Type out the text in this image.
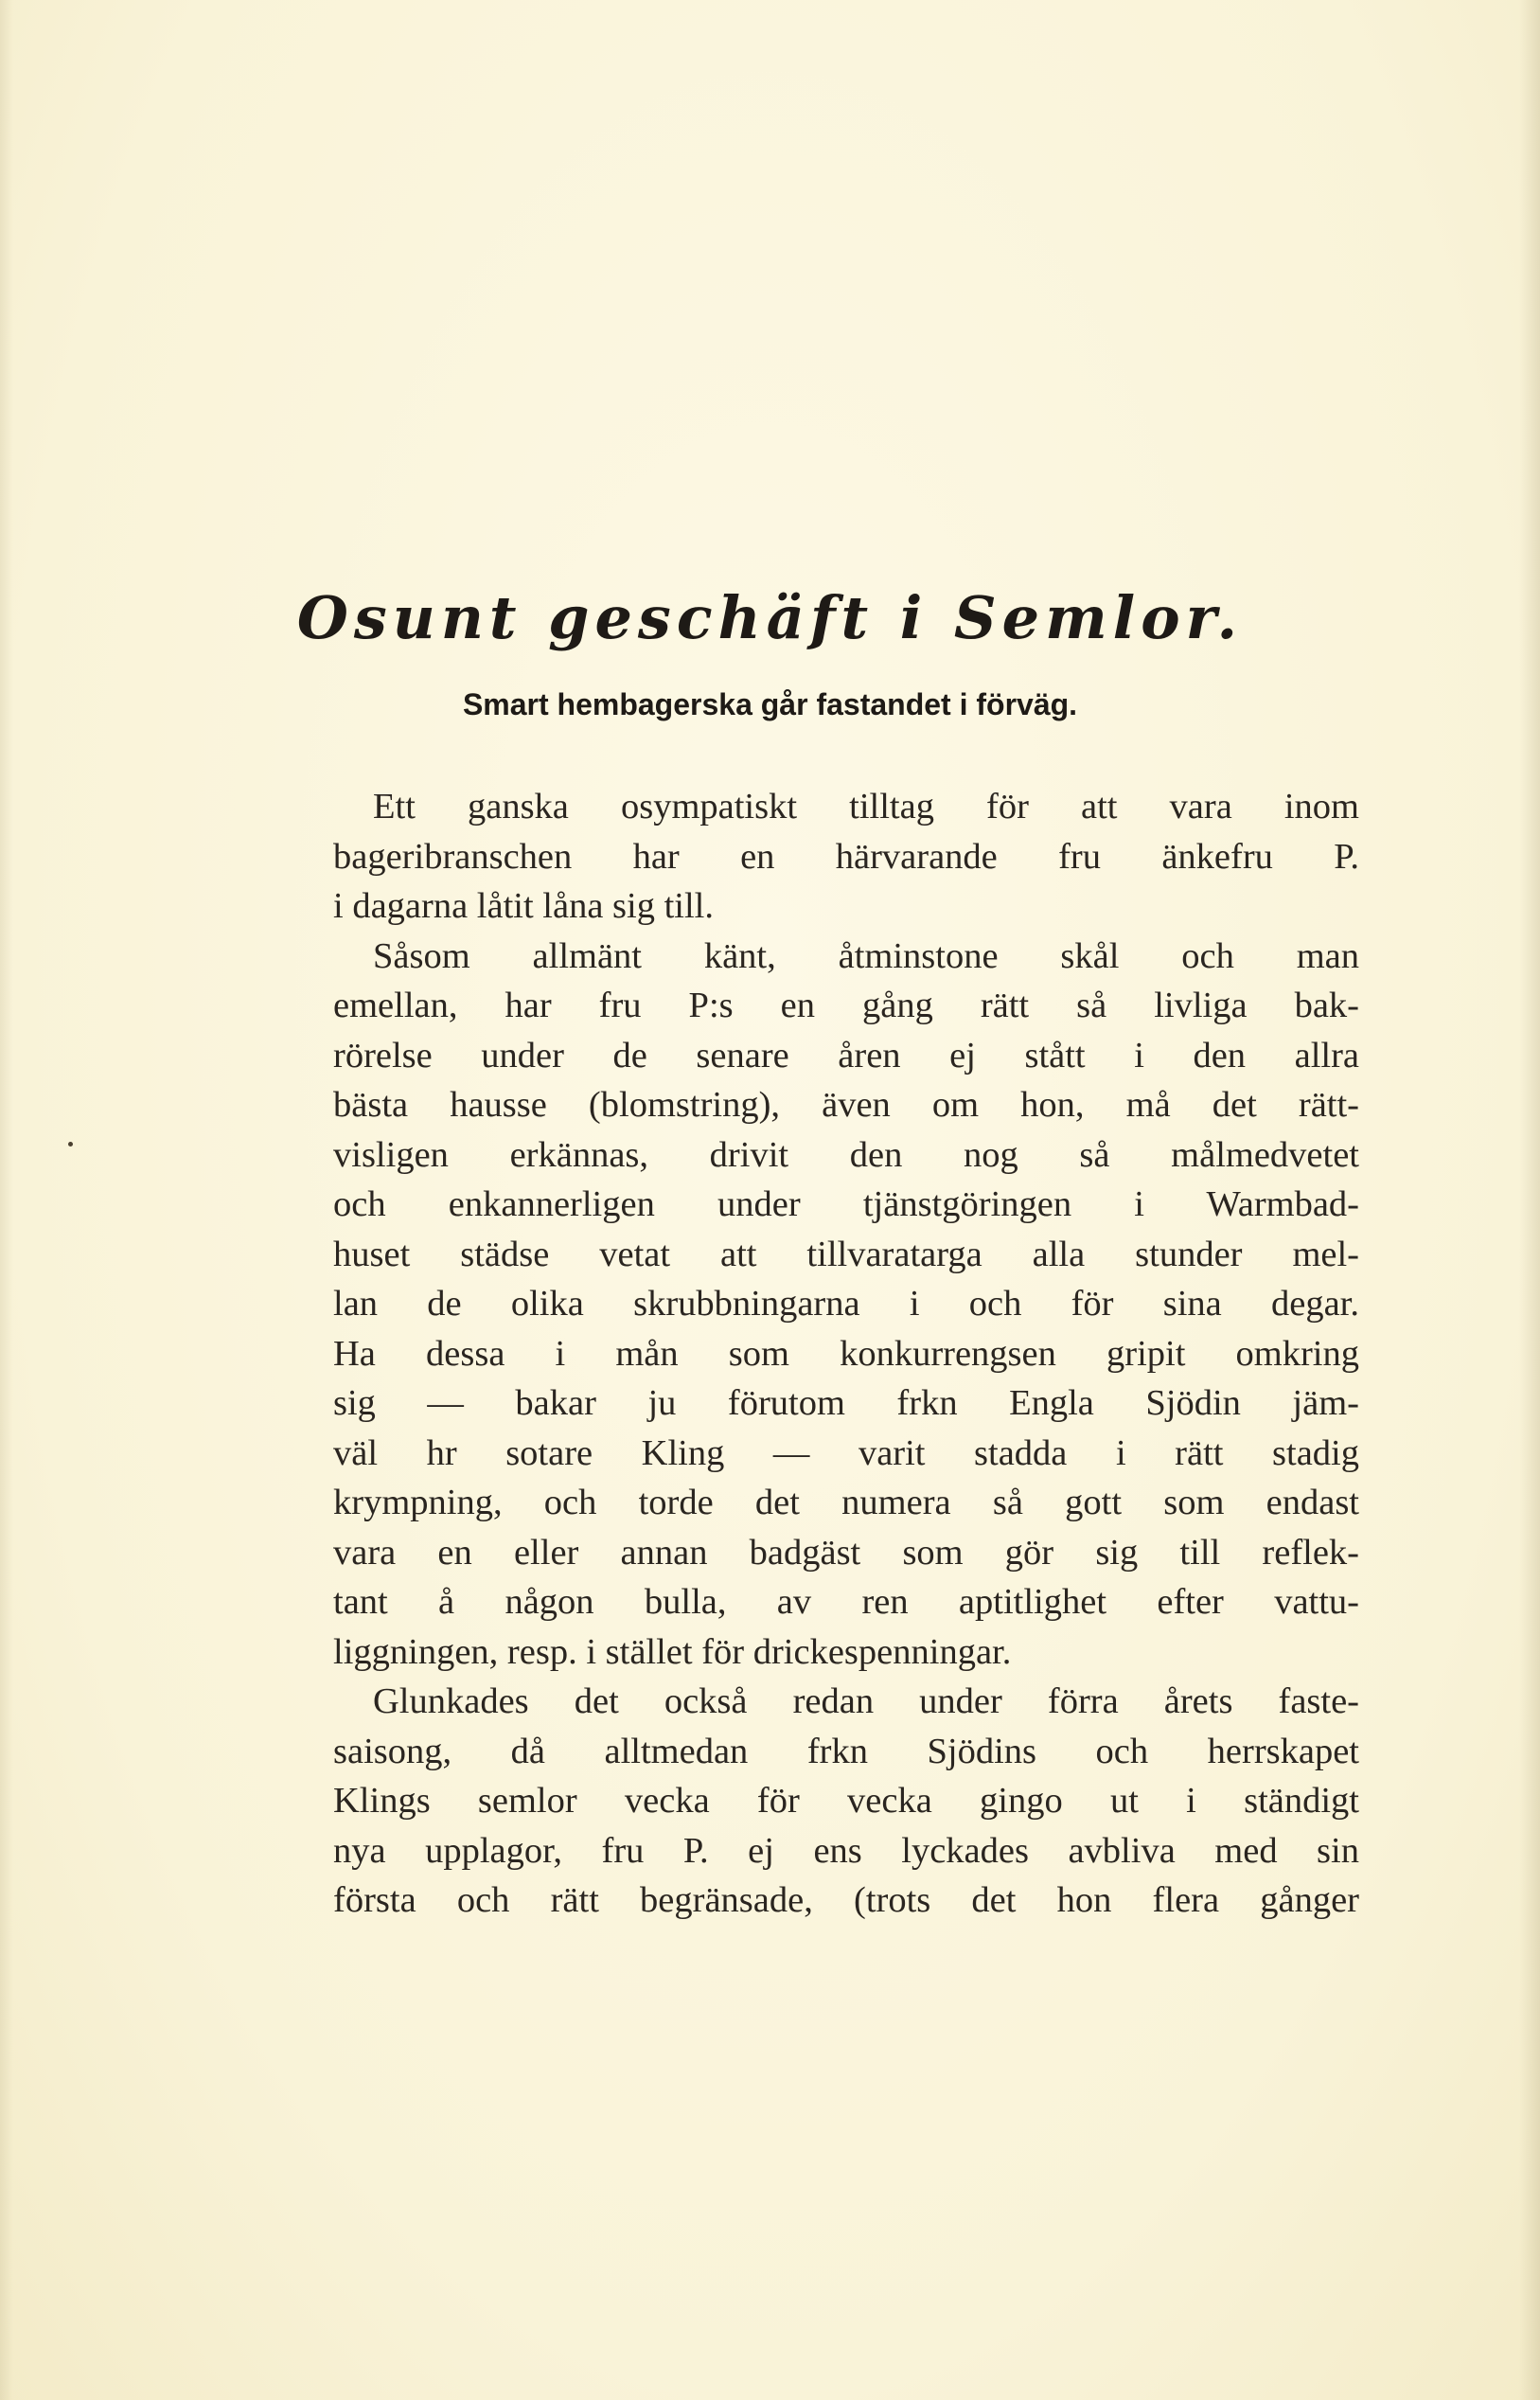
Osunt geschäft i Semlor.
Smart hembagerska går fastandet i förväg.
Ett ganska osympatiskt tilltag för att vara inom
bageribranschen har en härvarande fru änkefru P.
i dagarna låtit låna sig till.
Såsom allmänt känt, åtminstone skål och man
emellan, har fru P:s en gång rätt så livliga bak-
rörelse under de senare åren ej stått i den allra
bästa hausse (blomstring), även om hon, må det rätt-
visligen erkännas, drivit den nog så målmedvetet
och enkannerligen under tjänstgöringen i Warmbad-
huset städse vetat att tillvaratarga alla stunder mel-
lan de olika skrubbningarna i och för sina degar.
Ha dessa i mån som konkurrengsen gripit omkring
sig — bakar ju förutom frkn Engla Sjödin jäm-
väl hr sotare Kling — varit stadda i rätt stadig
krympning, och torde det numera så gott som endast
vara en eller annan badgäst som gör sig till reflek-
tant å någon bulla, av ren aptitlighet efter vattu-
liggningen, resp. i stället för drickespenningar.
Glunkades det också redan under förra årets faste-
saisong, då alltmedan frkn Sjödins och herrskapet
Klings semlor vecka för vecka gingo ut i ständigt
nya upplagor, fru P. ej ens lyckades avbliva med sin
första och rätt begränsade, (trots det hon flera gånger
